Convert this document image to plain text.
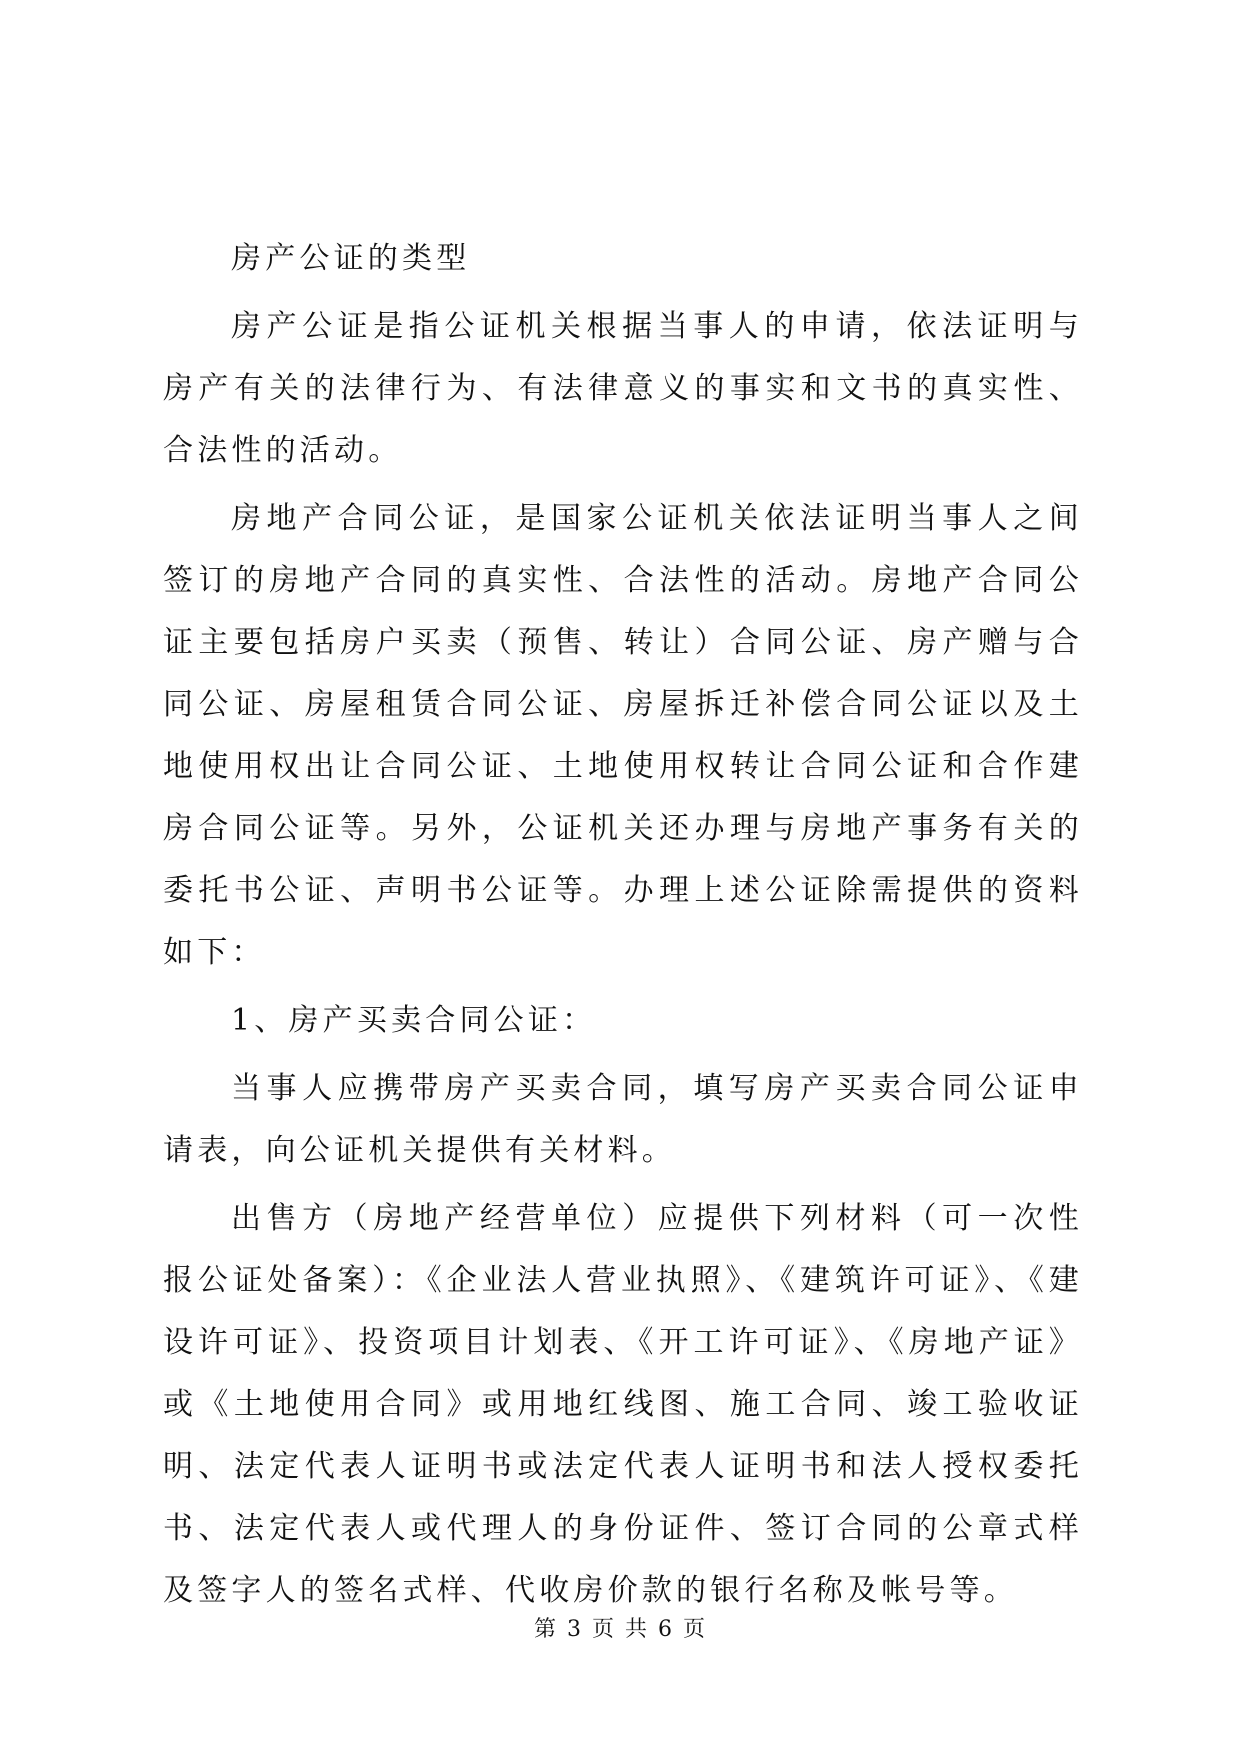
房产公证的类型

房产公证是指公证机关根据当事人的申请，依法证明与房产有关的法律行为、有法律意义的事实和文书的真实性、合法性的活动。

房地产合同公证，是国家公证机关依法证明当事人之间签订的房地产合同的真实性、合法性的活动。房地产合同公证主要包括房户买卖（预售、转让）合同公证、房产赠与合同公证、房屋租赁合同公证、房屋拆迁补偿合同公证以及土地使用权出让合同公证、土地使用权转让合同公证和合作建房合同公证等。另外，公证机关还办理与房地产事务有关的委托书公证、声明书公证等。办理上述公证除需提供的资料如下：

1、房产买卖合同公证：

当事人应携带房产买卖合同，填写房产买卖合同公证申请表，向公证机关提供有关材料。

出售方（房地产经营单位）应提供下列材料（可一次性报公证处备案）：《企业法人营业执照》、《建筑许可证》、《建设许可证》、投资项目计划表、《开工许可证》、《房地产证》或《土地使用合同》或用地红线图、施工合同、竣工验收证明、法定代表人证明书或法定代表人证明书和法人授权委托书、法定代表人或代理人的身份证件、签订合同的公章式样及签字人的签名式样、代收房价款的银行名称及帐号等。

第 3 页 共 6 页
